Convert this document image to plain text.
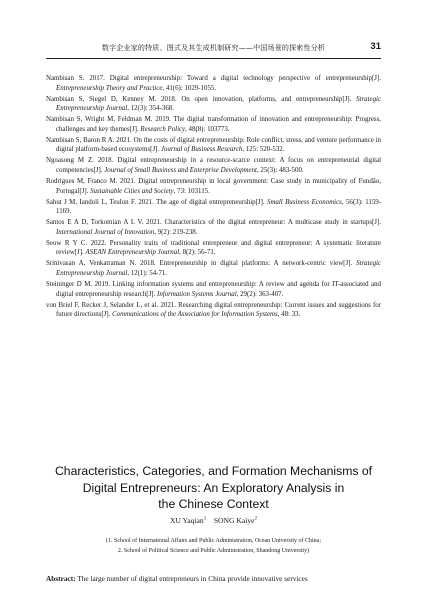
数字企业家的特质、图式及其生成机制研究——中国场景的探索性分析	31

Nambisan S. 2017. Digital entrepreneurship: Toward a digital technology perspective of entrepreneurship[J]. Entrepreneurship Theory and Practice, 41(6): 1029-1055.

Nambisan S, Siegel D, Kenney M. 2018. On open innovation, platforms, and entrepreneurship[J]. Strategic Entrepreneurship Journal, 12(3): 354-368.

Nambisan S, Wright M, Feldman M. 2019. The digital transformation of innovation and entrepreneurship: Progress, challenges and key themes[J]. Research Policy, 48(8): 103773.

Nambisan S, Baron R A. 2021. On the costs of digital entrepreneurship: Role conflict, stress, and venture performance in digital platform-based ecosystems[J]. Journal of Business Research, 125: 520-532.

Ngoasong M Z. 2018. Digital entrepreneurship in a resource-scarce context: A focus on entrepreneurial digital competencies[J]. Journal of Small Business and Enterprise Development, 25(3): 483-500.

Rodrigues M, Franco M. 2021. Digital entrepreneurship in local government: Case study in municipality of Fundão, Portugal[J]. Sustainable Cities and Society, 73: 103115.

Sahut J M, Iandoli L, Teulon F. 2021. The age of digital entrepreneurship[J]. Small Business Economics, 56(3): 1159-1169.

Santos E A D, Torkomian A L V. 2021. Characteristics of the digital entrepreneur: A multicase study in startups[J]. International Journal of Innovation, 9(2): 219-238.

Seow R Y C. 2022. Personality traits of traditional entrepreneur and digital entrepreneur: A systematic literature review[J]. ASEAN Entrepreneurship Journal, 8(2): 56-71.

Srinivasan A, Venkatraman N. 2018. Entrepreneurship in digital platforms: A network-centric view[J]. Strategic Entrepreneurship Journal, 12(1): 54-71.

Steininger D M. 2019. Linking information systems and entrepreneurship: A review and agenda for IT-associated and digital entrepreneurship research[J]. Information Systems Journal, 29(2): 363-407.

von Briel F, Recker J, Selander L, et al. 2021. Researching digital entrepreneurship: Current issues and suggestions for future directions[J]. Communications of the Association for Information Systems, 48: 33.

Characteristics, Categories, and Formation Mechanisms of
Digital Entrepreneurs: An Exploratory Analysis in
the Chinese Context
XU Yaqian$^1$ SONG Kaiye$^2$
(1. School of International Affairs and Public Administration, Ocean University of China;
2. School of Political Science and Public Administration, Shandong University)
Abstract: The large number of digital entrepreneurs in China provide innovative services
